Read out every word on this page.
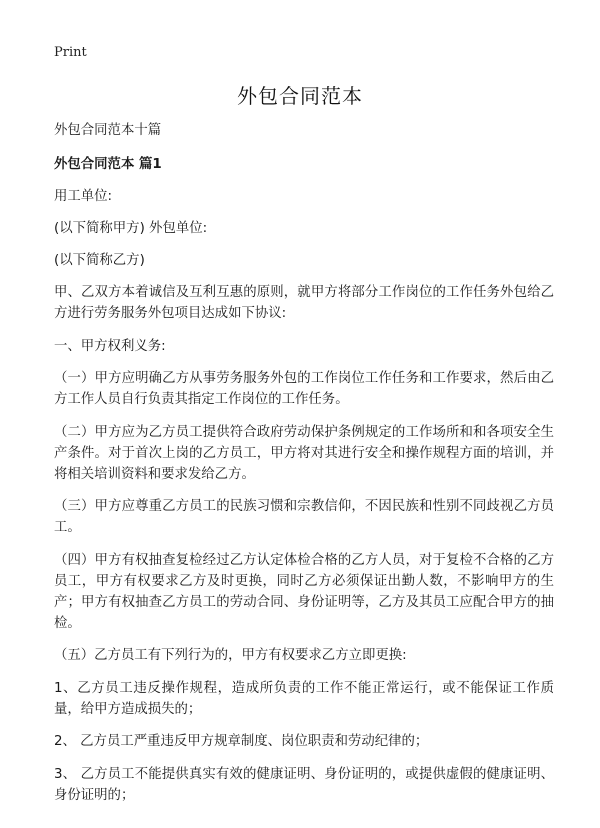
Print
外包合同范本

外包合同范本十篇

外包合同范本 篇1

用工单位:

(以下简称甲方) 外包单位:

(以下简称乙方)

甲、乙双方本着诚信及互利互惠的原则，就甲方将部分工作岗位的工作任务外包给乙方进行劳务服务外包项目达成如下协议:

一、甲方权利义务:

（一）甲方应明确乙方从事劳务服务外包的工作岗位工作任务和工作要求，然后由乙方工作人员自行负责其指定工作岗位的工作任务。

（二）甲方应为乙方员工提供符合政府劳动保护条例规定的工作场所和和各项安全生产条件。对于首次上岗的乙方员工，甲方将对其进行安全和操作规程方面的培训，并将相关培训资料和要求发给乙方。

（三）甲方应尊重乙方员工的民族习惯和宗教信仰，不因民族和性别不同歧视乙方员工。

（四）甲方有权抽查复检经过乙方认定体检合格的乙方人员，对于复检不合格的乙方员工，甲方有权要求乙方及时更换，同时乙方必须保证出勤人数，不影响甲方的生产；甲方有权抽查乙方员工的劳动合同、身份证明等，乙方及其员工应配合甲方的抽检。

（五）乙方员工有下列行为的，甲方有权要求乙方立即更换:

1、乙方员工违反操作规程，造成所负责的工作不能正常运行，或不能保证工作质量，给甲方造成损失的；

2、 乙方员工严重违反甲方规章制度、岗位职责和劳动纪律的；

3、 乙方员工不能提供真实有效的健康证明、身份证明的，或提供虚假的健康证明、身份证明的；
